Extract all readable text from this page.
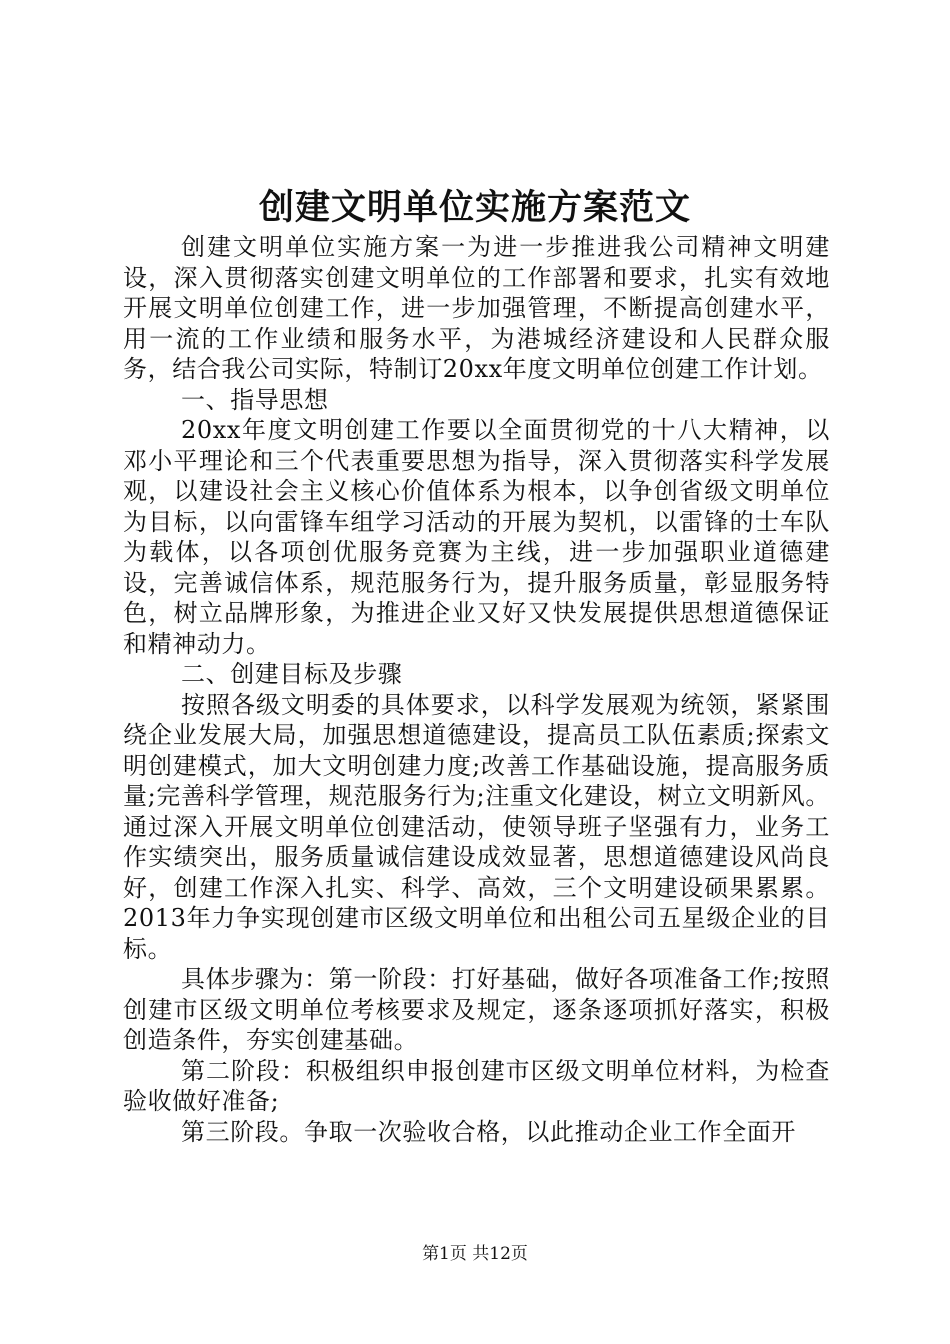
创建文明单位实施方案范文

创建文明单位实施方案一为进一步推进我公司精神文明建设，深入贯彻落实创建文明单位的工作部署和要求，扎实有效地开展文明单位创建工作，进一步加强管理，不断提高创建水平，用一流的工作业绩和服务水平，为港城经济建设和人民群众服务，结合我公司实际，特制订20xx年度文明单位创建工作计划。

一、指导思想

20xx年度文明创建工作要以全面贯彻党的十八大精神，以邓小平理论和三个代表重要思想为指导，深入贯彻落实科学发展观，以建设社会主义核心价值体系为根本，以争创省级文明单位为目标，以向雷锋车组学习活动的开展为契机，以雷锋的士车队为载体，以各项创优服务竞赛为主线，进一步加强职业道德建设，完善诚信体系，规范服务行为，提升服务质量，彰显服务特色，树立品牌形象，为推进企业又好又快发展提供思想道德保证和精神动力。

二、创建目标及步骤

按照各级文明委的具体要求，以科学发展观为统领，紧紧围绕企业发展大局，加强思想道德建设，提高员工队伍素质;探索文明创建模式，加大文明创建力度;改善工作基础设施，提高服务质量;完善科学管理，规范服务行为;注重文化建设，树立文明新风。通过深入开展文明单位创建活动，使领导班子坚强有力，业务工作实绩突出，服务质量诚信建设成效显著，思想道德建设风尚良好，创建工作深入扎实、科学、高效，三个文明建设硕果累累。2013年力争实现创建市区级文明单位和出租公司五星级企业的目标。

具体步骤为：第一阶段：打好基础，做好各项准备工作;按照创建市区级文明单位考核要求及规定，逐条逐项抓好落实，积极创造条件，夯实创建基础。

第二阶段：积极组织申报创建市区级文明单位材料，为检查验收做好准备;

第三阶段。争取一次验收合格，以此推动企业工作全面开

第1页 共12页
